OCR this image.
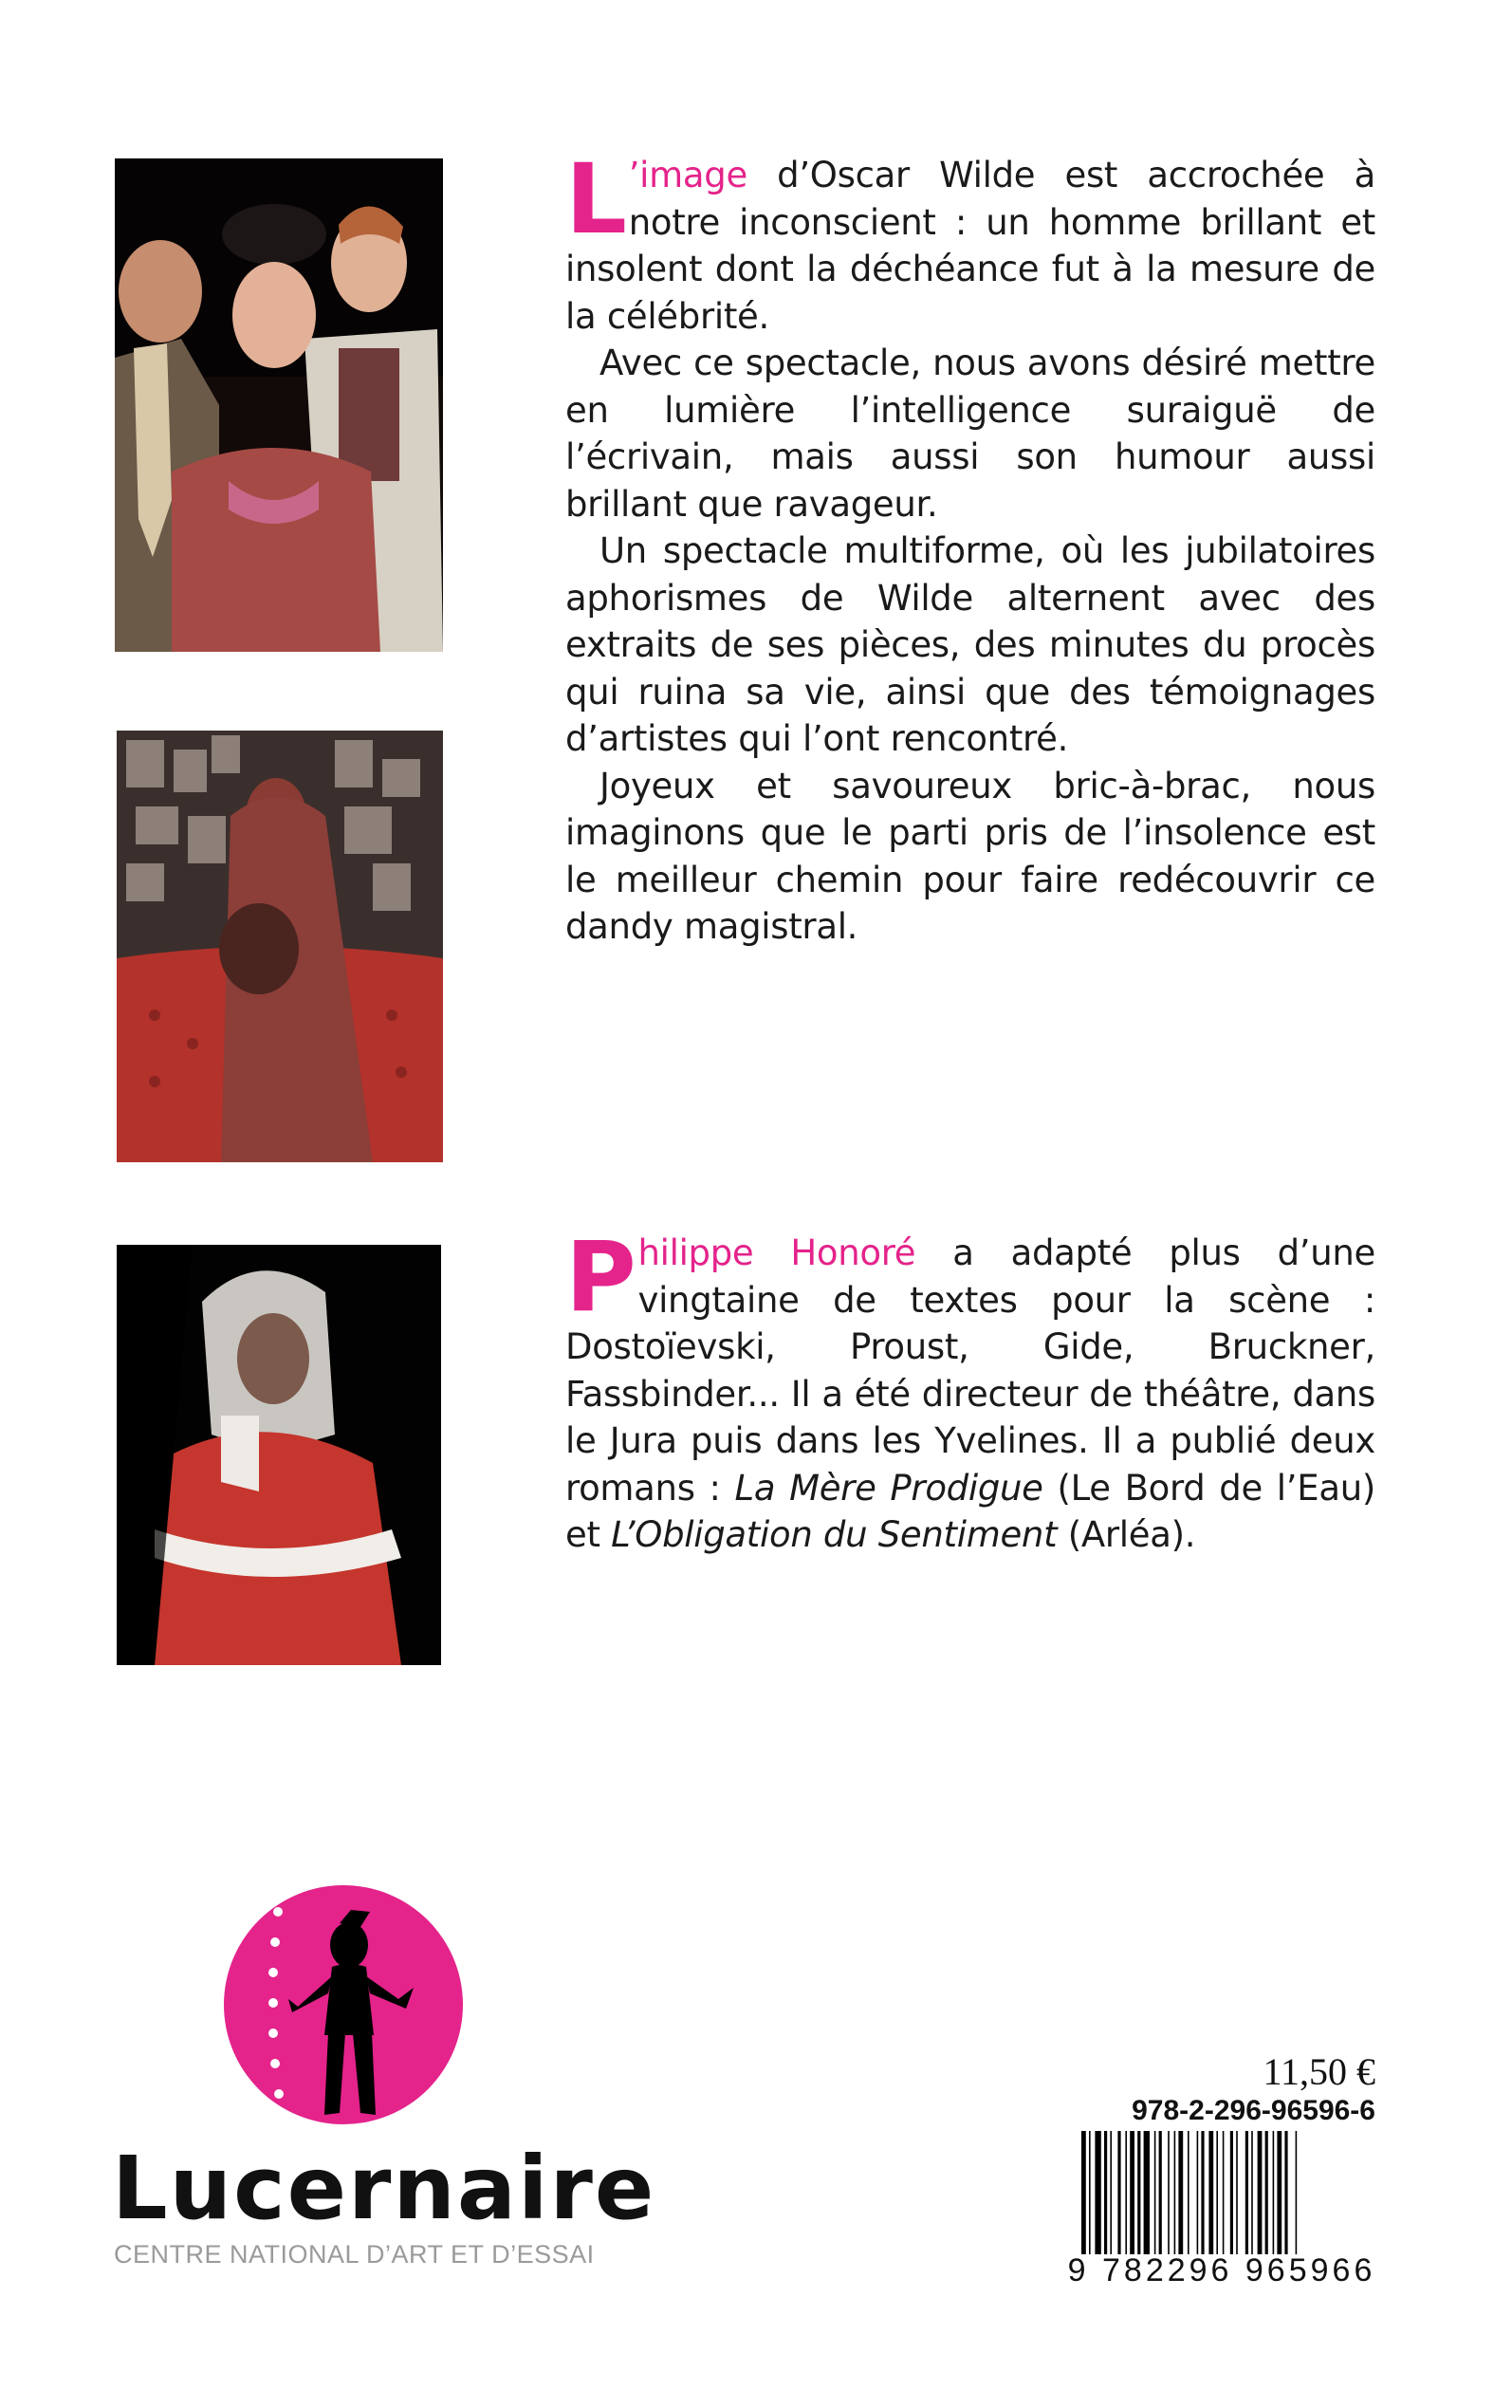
L ’image d’Oscar Wilde est accrochée à notre inconscient : un homme brillant et insolent dont la déchéance fut à la mesure de la célébrité.

Avec ce spectacle, nous avons désiré mettre en lumière l’intelligence suraiguë de l’écrivain, mais aussi son humour aussi brillant que ravageur.

Un spectacle multiforme, où les jubilatoires aphorismes de Wilde alternent avec des extraits de ses pièces, des minutes du procès qui ruina sa vie, ainsi que des témoignages d’artistes qui l’ont rencontré.

Joyeux et savoureux bric-à-brac, nous imaginons que le parti pris de l’insolence est le meilleur chemin pour faire redécouvrir ce dandy magistral.

Philippe Honoré a adapté plus d’une vingtaine de textes pour la scène : Dostoïevski, Proust, Gide, Bruckner, Fassbinder... Il a été directeur de théâtre, dans le Jura puis dans les Yvelines. Il a publié deux romans : La Mère Prodigue (Le Bord de l’Eau) et L’Obligation du Sentiment (Arléa).

Lucernaire
CENTRE NATIONAL D’ART ET D’ESSAI
11,50 €
978-2-296-96596-6
9 782296 965966
